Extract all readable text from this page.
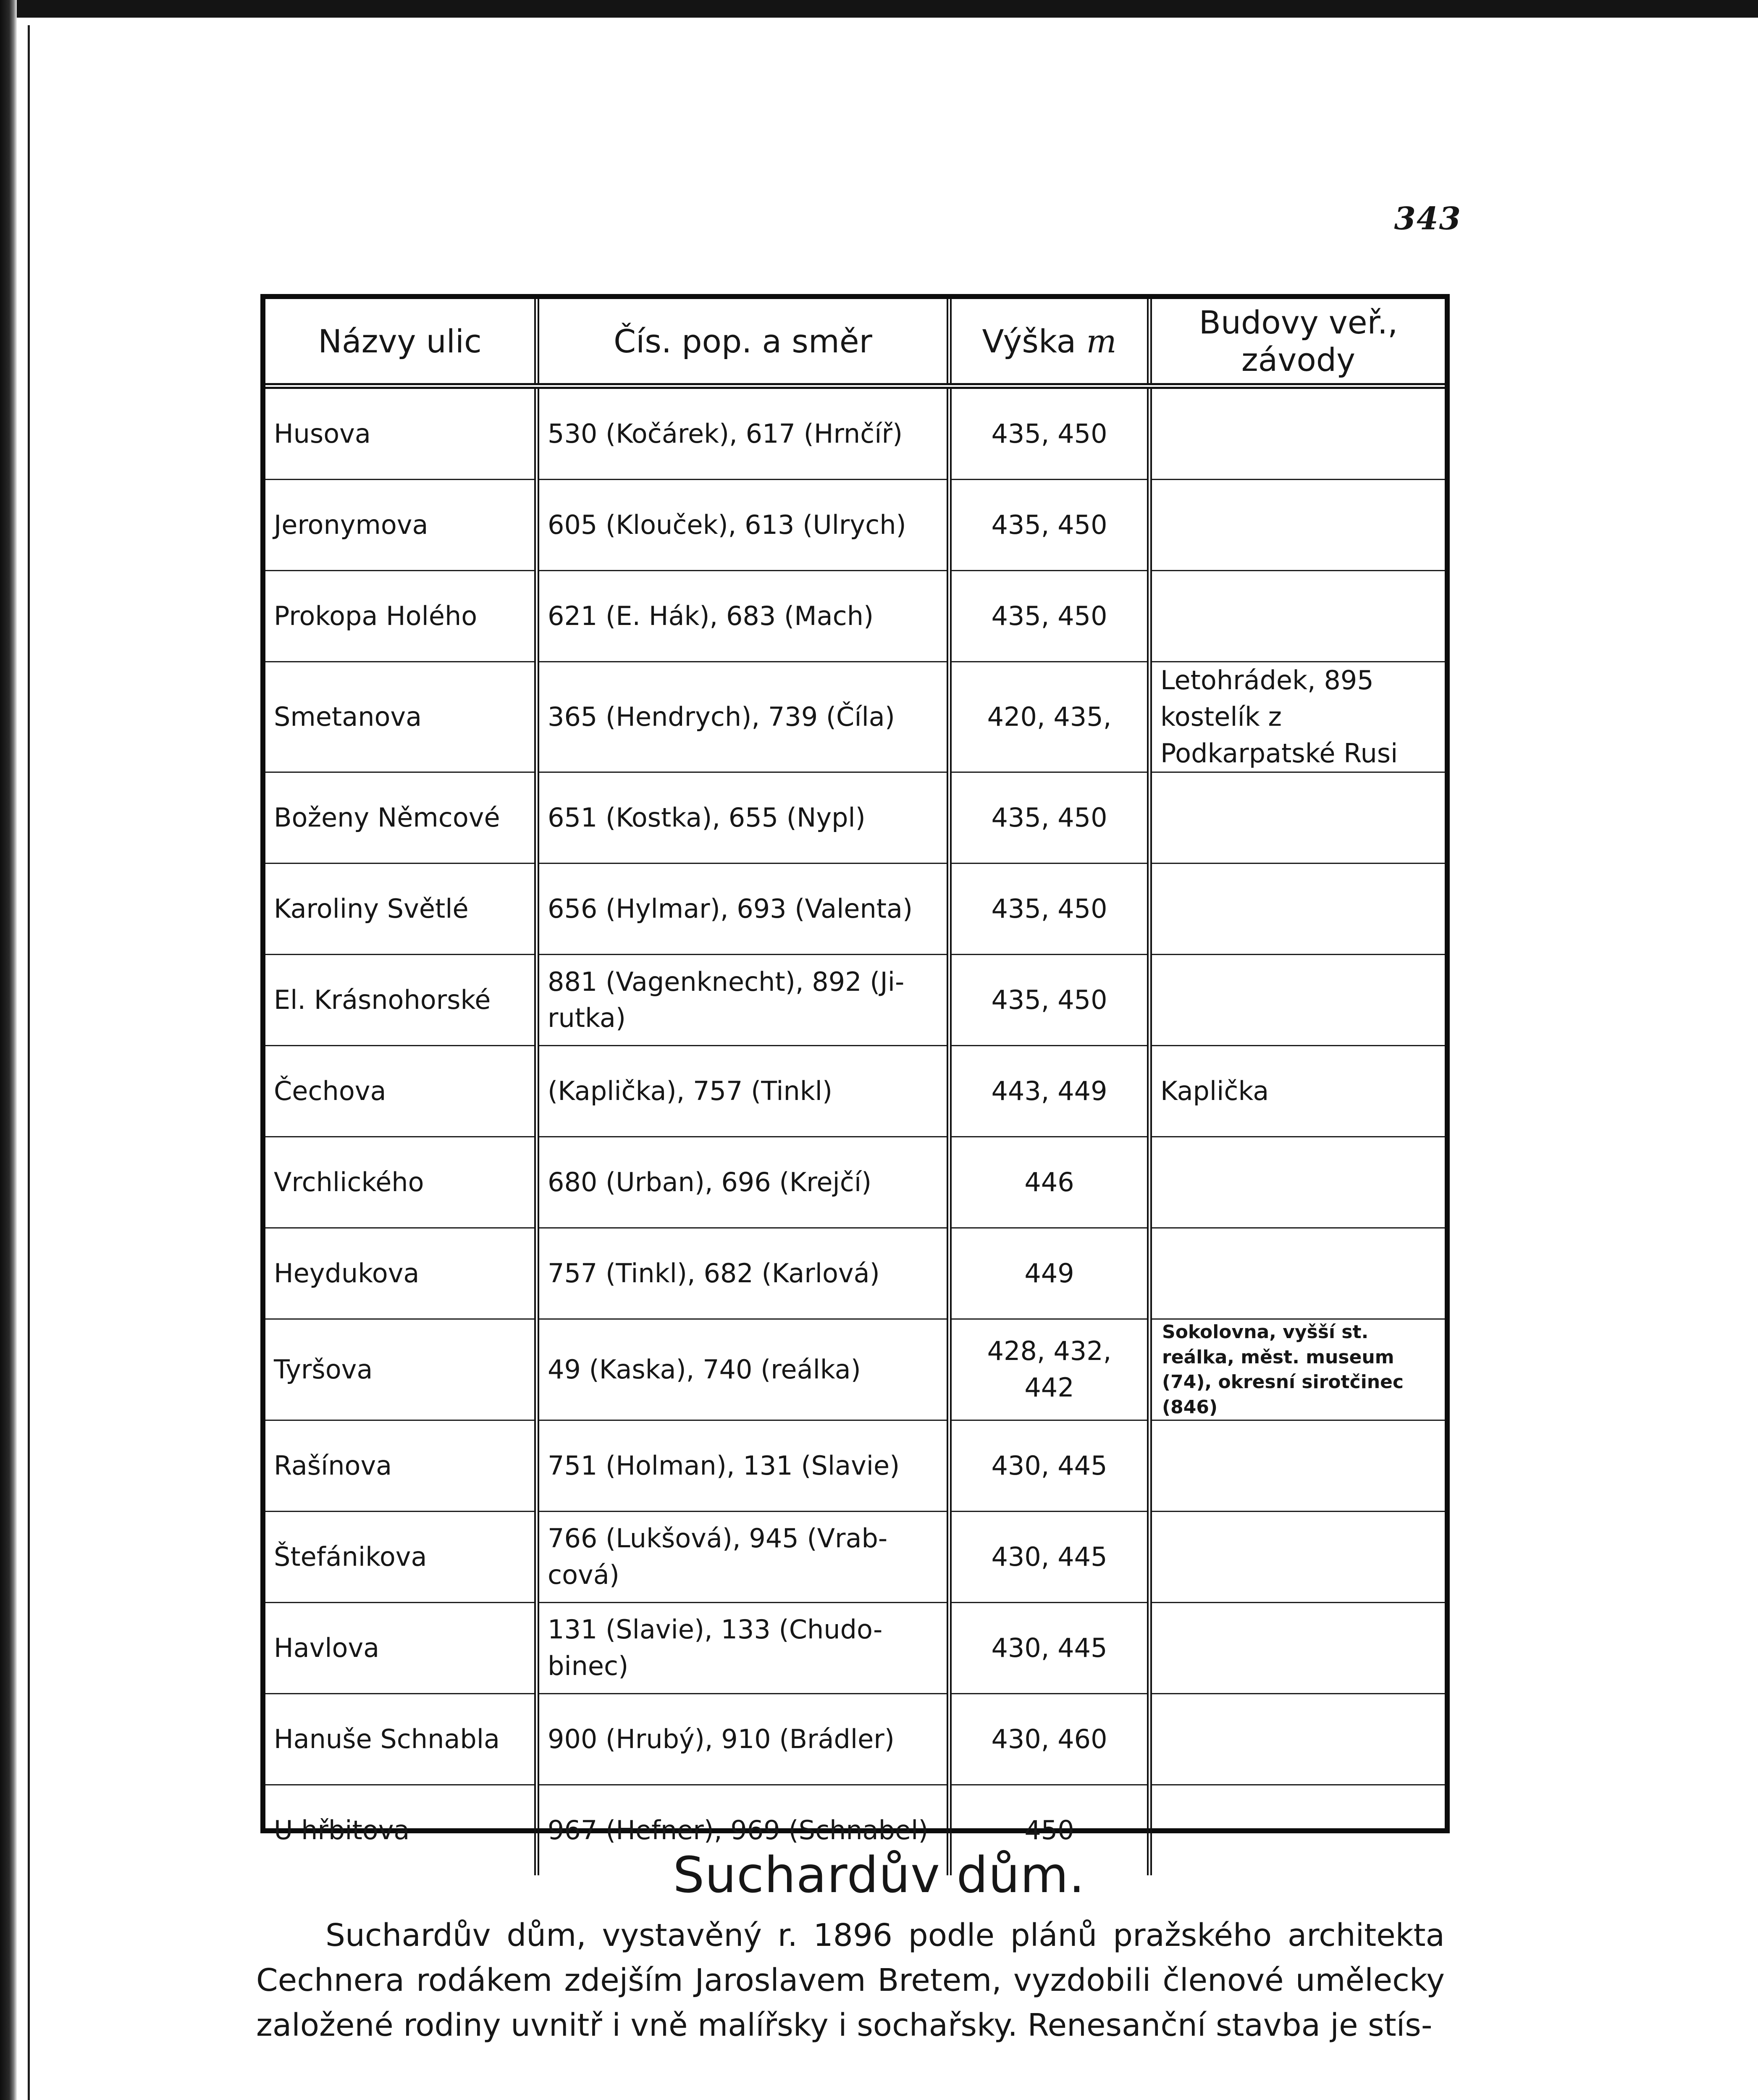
343
Názvy ulic	Čís. pop. a směr	Výška m	Budovy veř., závody
Husova	530 (Kočárek), 617 (Hrnčíř)	435, 450	
Jeronymova	605 (Klouček), 613 (Ulrych)	435, 450	
Prokopa Holého	621 (E. Hák), 683 (Mach)	435, 450	
Smetanova	365 (Hendrych), 739 (Číla)	420, 435,	Letohrádek, 895 kostelík z Podkarpatské Rusi
Boženy Němcové	651 (Kostka), 655 (Nypl)	435, 450	
Karoliny Světlé	656 (Hylmar), 693 (Valenta)	435, 450	
El. Krásnohorské	881 (Vagenknecht), 892 (Ji-rutka)	435, 450	
Čechova	(Kaplička), 757 (Tinkl)	443, 449	Kaplička
Vrchlického	680 (Urban), 696 (Krejčí)	446	
Heydukova	757 (Tinkl), 682 (Karlová)	449	
Tyršova	49 (Kaska), 740 (reálka)	428, 432, 442	Sokolovna, vyšší st. reálka, měst. museum (74), okresní sirotčinec (846)
Rašínova	751 (Holman), 131 (Slavie)	430, 445	
Štefánikova	766 (Lukšová), 945 (Vrab-cová)	430, 445	
Havlova	131 (Slavie), 133 (Chudo-binec)	430, 445	
Hanuše Schnabla	900 (Hrubý), 910 (Brádler)	430, 460	
U hřbitova	967 (Hefner), 969 (Schnabel)	450	
Suchardův dům.
Suchardův dům, vystavěný r. 1896 podle plánů pražského architekta Cechnera rodákem zdejším Jaroslavem Bretem, vyzdobili členové umělecky založené rodiny uvnitř i vně malířsky i sochařsky. Renesanční stavba je stís-
